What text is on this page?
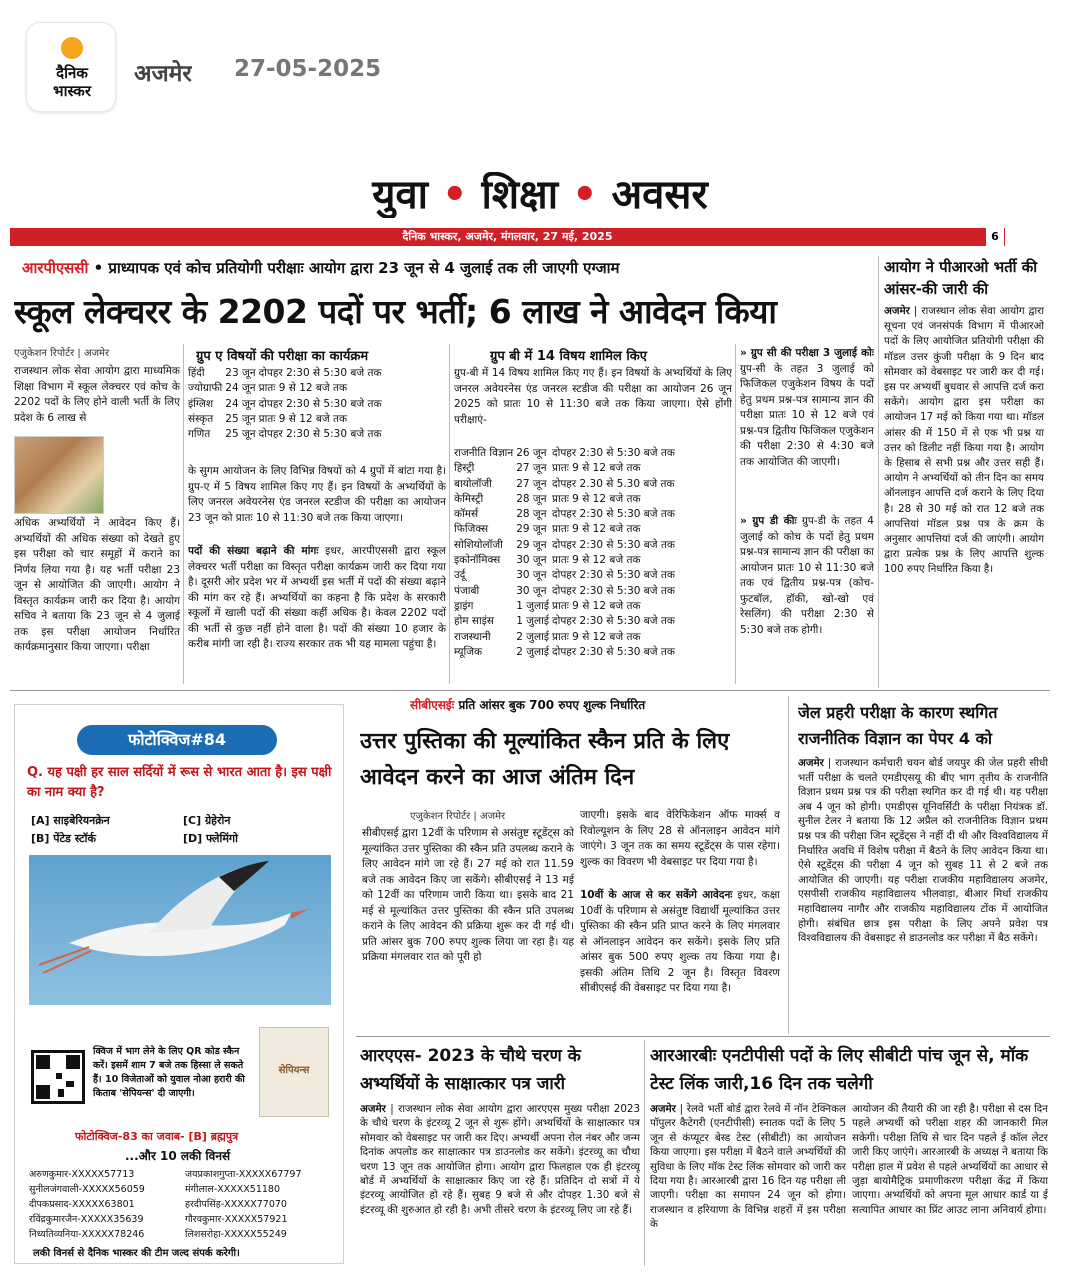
दैनिक
भास्कर
अजमेर 27-05-2025
युवा • शिक्षा • अवसर
दैनिक भास्कर, अजमेर, मंगलवार, 27 मई, 2025	6
आरपीएससी • प्राध्यापक एवं कोच प्रतियोगी परीक्षाः आयोग द्वारा 23 जून से 4 जुलाई तक ली जाएगी एग्जाम
स्कूल लेक्चरर के 2202 पदों पर भर्ती; 6 लाख ने आवेदन किया
एजुकेशन रिपोर्टर | अजमेर
राजस्थान लोक सेवा आयोग द्वारा माध्यमिक शिक्षा विभाग में स्कूल लेक्चरर एवं कोच के 2202 पदों के लिए होने वाली भर्ती के लिए प्रदेश के 6 लाख से
अधिक अभ्यर्थियों ने आवेदन किए हैं। अभ्यर्थियों की अधिक संख्या को देखते हुए इस परीक्षा को चार समूहों में कराने का निर्णय लिया गया है। यह भर्ती परीक्षा 23 जून से आयोजित की जाएगी। आयोग ने विस्तृत कार्यक्रम जारी कर दिया है। आयोग सचिव ने बताया कि 23 जून से 4 जुलाई तक इस परीक्षा आयोजन निर्धारित कार्यक्रमानुसार किया जाएगा। परीक्षा
ग्रुप ए विषयों की परीक्षा का कार्यक्रम
हिंदी	23 जून	दोपहर 2:30 से 5:30 बजे तक
ज्योग्राफी	24 जून	प्रातः 9 से 12 बजे तक
इंग्लिश	24 जून	दोपहर 2:30 से 5:30 बजे तक
संस्कृत	25 जून	प्रातः 9 से 12 बजे तक
गणित	25 जून	दोपहर 2:30 से 5:30 बजे तक
के सुगम आयोजन के लिए विभिन्न विषयों को 4 ग्रुपों में बांटा गया है। ग्रुप-ए में 5 विषय शामिल किए गए हैं। इन विषयों के अभ्यर्थियों के लिए जनरल अवेयरनेस एंड जनरल स्टडीज की परीक्षा का आयोजन 23 जून को प्रातः 10 से 11:30 बजे तक किया जाएगा।
पदों की संख्या बढ़ाने की मांगः इधर, आरपीएससी द्वारा स्कूल लेक्चरर भर्ती परीक्षा का विस्तृत परीक्षा कार्यक्रम जारी कर दिया गया है। दूसरी ओर प्रदेश भर में अभ्यर्थी इस भर्ती में पदों की संख्या बढ़ाने की मांग कर रहे हैं। अभ्यर्थियों का कहना है कि प्रदेश के सरकारी स्कूलों में खाली पदों की संख्या कहीं अधिक है। केवल 2202 पदों की भर्ती से कुछ नहीं होने वाला है। पदों की संख्या 10 हजार के करीब मांगी जा रही है। राज्य सरकार तक भी यह मामला पहुंचा है।
ग्रुप बी में 14 विषय शामिल किए
ग्रुप-बी में 14 विषय शामिल किए गए हैं। इन विषयों के अभ्यर्थियों के लिए जनरल अवेयरनेस एंड जनरल स्टडीज की परीक्षा का आयोजन 26 जून 2025 को प्रातः 10 से 11:30 बजे तक किया जाएगा। ऐसे होंगी परीक्षाएं-
राजनीति विज्ञान	26 जून	दोपहर 2:30 से 5:30 बजे तक
हिस्ट्री	27 जून	प्रातः 9 से 12 बजे तक
बायोलॉजी	27 जून	दोपहर 2.30 से 5.30 बजे तक
केमिस्ट्री	28 जून	प्रातः 9 से 12 बजे तक
कॉमर्स	28 जून	दोपहर 2:30 से 5:30 बजे तक
फिजिक्स	29 जून	प्रातः 9 से 12 बजे तक
सोशियोलॉजी	29 जून	दोपहर 2:30 से 5:30 बजे तक
इकोनॉमिक्स	30 जून	प्रातः 9 से 12 बजे तक
उर्दू	30 जून	दोपहर 2:30 से 5:30 बजे तक
पंजाबी	30 जून	दोपहर 2:30 से 5:30 बजे तक
ड्राइंग	1 जुलाई	प्रातः 9 से 12 बजे तक
होम साइंस	1 जुलाई	दोपहर 2:30 से 5:30 बजे तक
राजस्थानी	2 जुलाई	प्रातः 9 से 12 बजे तक
म्यूजिक	2 जुलाई	दोपहर 2:30 से 5:30 बजे तक
» ग्रुप सी की परीक्षा 3 जुलाई कोः ग्रुप-सी के तहत 3 जुलाई को फिजिकल एजुकेशन विषय के पदों हेतु प्रथम प्रश्न-पत्र सामान्य ज्ञान की परीक्षा प्रातः 10 से 12 बजे एवं प्रश्न-पत्र द्वितीय फिजिकल एजुकेशन की परीक्षा 2:30 से 4:30 बजे तक आयोजित की जाएगी।
» ग्रुप डी कीः ग्रुप-डी के तहत 4 जुलाई को कोच के पदों हेतु प्रथम प्रश्न-पत्र सामान्य ज्ञान की परीक्षा का आयोजन प्रातः 10 से 11:30 बजे तक एवं द्वितीय प्रश्न-पत्र (कोच- फुटबॉल, हॉकी, खो-खो एवं रेसलिंग) की परीक्षा 2:30 से 5:30 बजे तक होगी।
आयोग ने पीआरओ भर्ती की आंसर-की जारी की
अजमेर | राजस्थान लोक सेवा आयोग द्वारा सूचना एवं जनसंपर्क विभाग में पीआरओ पदों के लिए आयोजित प्रतियोगी परीक्षा की मॉडल उत्तर कुंजी परीक्षा के 9 दिन बाद सोमवार को वेबसाइट पर जारी कर दी गई। इस पर अभ्यर्थी बुधवार से आपत्ति दर्ज करा सकेंगे। आयोग द्वारा इस परीक्षा का आयोजन 17 मई को किया गया था। मॉडल आंसर की में 150 में से एक भी प्रश्न या उत्तर को डिलीट नहीं किया गया है। आयोग के हिसाब से सभी प्रश्न और उत्तर सही हैं। आयोग ने अभ्यर्थियों को तीन दिन का समय ऑनलाइन आपत्ति दर्ज कराने के लिए दिया है। 28 से 30 मई को रात 12 बजे तक आपत्तियां मॉडल प्रश्न पत्र के क्रम के अनुसार आपत्तियां दर्ज की जाएंगी। आयोग द्वारा प्रत्येक प्रश्न के लिए आपत्ति शुल्क 100 रुपए निर्धारित किया है।
फोटोक्विज#84
Q. यह पक्षी हर साल सर्दियों में रूस से भारत आता है। इस पक्षी का नाम क्या है?
[A] साइबेरियनक्रेन	[C] ग्रेहेरोन
[B] पेंटेड स्टॉर्क	[D] फ्लेमिंगो
क्विज में भाग लेने के लिए QR कोड स्कैन करें। इसमें शाम 7 बजे तक हिस्सा ले सकते हैं। 10 विजेताओं को युवाल नोआ हरारी की किताब 'सेपियन्स' दी जाएगी।
सेपियन्स
फोटोक्विज-83 का जवाब- [B] ब्रह्मपुत्र
...और 10 लकी विनर्स
अरुणकुमार-XXXXX57713	जयप्रकाशगुप्ता-XXXXX67797
सुनीलजंगवाली-XXXXX56059	मंगीलाल-XXXXX51180
दीपकप्रसाद-XXXXX63801	हरदीपसिंह-XXXXX77070
रविंद्रकुमारजैन-XXXXX35639	गौरवकुमार-XXXXX57921
निध्यतिव्यनिया-XXXXX78246	लिशसरोहा-XXXXX55249
लकी विनर्स से दैनिक भास्कर की टीम जल्द संपर्क करेगी।
सीबीएसईः प्रति आंसर बुक 700 रुपए शुल्क निर्धारित
उत्तर पुस्तिका की मूल्यांकित स्कैन प्रति के लिए आवेदन करने का आज अंतिम दिन
एजुकेशन रिपोर्टर | अजमेर
सीबीएसई द्वारा 12वीं के परिणाम से असंतुष्ट स्टूडेंट्स को मूल्यांकित उत्तर पुस्तिका की स्कैन प्रति उपलब्ध कराने के लिए आवेदन मांगे जा रहे हैं। 27 मई को रात 11.59 बजे तक आवेदन किए जा सकेंगे। सीबीएसई ने 13 मई को 12वीं का परिणाम जारी किया था। इसके बाद 21 मई से मूल्यांकित उत्तर पुस्तिका की स्कैन प्रति उपलब्ध कराने के लिए आवेदन की प्रक्रिया शुरू कर दी गई थी। प्रति आंसर बुक 700 रुपए शुल्क लिया जा रहा है। यह प्रक्रिया मंगलवार रात को पूरी हो
जाएगी। इसके बाद वेरिफिकेशन ऑफ मार्क्स व रिवोल्यूशन के लिए 28 से ऑनलाइन आवेदन मांगे जाएंगे। 3 जून तक का समय स्टूडेंट्स के पास रहेगा। शुल्क का विवरण भी वेबसाइट पर दिया गया है।
10वीं के आज से कर सकेंगे आवेदनः इधर, कक्षा 10वीं के परिणाम से असंतुष्ट विद्यार्थी मूल्यांकित उत्तर पुस्तिका की स्कैन प्रति प्राप्त करने के लिए मंगलवार से ऑनलाइन आवेदन कर सकेंगे। इसके लिए प्रति आंसर बुक 500 रुपए शुल्क तय किया गया है। इसकी अंतिम तिथि 2 जून है। विस्तृत विवरण सीबीएसई की वेबसाइट पर दिया गया है।
जेल प्रहरी परीक्षा के कारण स्थगित राजनीतिक विज्ञान का पेपर 4 को
अजमेर | राजस्थान कर्मचारी चयन बोर्ड जयपुर की जेल प्रहरी सीधी भर्ती परीक्षा के चलते एमडीएसयू की बीए भाग तृतीय के राजनीति विज्ञान प्रथम प्रश्न पत्र की परीक्षा स्थगित कर दी गई थी। यह परीक्षा अब 4 जून को होगी। एमडीएस यूनिवर्सिटी के परीक्षा नियंत्रक डॉ. सुनील टेलर ने बताया कि 12 अप्रैल को राजनीतिक विज्ञान प्रथम प्रश्न पत्र की परीक्षा जिन स्टूडेंट्स ने नहीं दी थी और विश्वविद्यालय में निर्धारित अवधि में विशेष परीक्षा में बैठने के लिए आवेदन किया था। ऐसे स्टूडेंट्स की परीक्षा 4 जून को सुबह 11 से 2 बजे तक आयोजित की जाएगी। यह परीक्षा राजकीय महाविद्यालय अजमेर, एसपीसी राजकीय महाविद्यालय भीलवाड़ा, बीआर मिर्धा राजकीय महाविद्यालय नागौर और राजकीय महाविद्यालय टोंक में आयोजित होगी। संबंधित छात्र इस परीक्षा के लिए अपने प्रवेश पत्र विश्वविद्यालय की वेबसाइट से डाउनलोड कर परीक्षा में बैठ सकेंगे।
आरएएस- 2023 के चौथे चरण के अभ्यर्थियों के साक्षात्कार पत्र जारी
अजमेर | राजस्थान लोक सेवा आयोग द्वारा आरएएस मुख्य परीक्षा 2023 के चौथे चरण के इंटरव्यू 2 जून से शुरू होंगे। अभ्यर्थियों के साक्षात्कार पत्र सोमवार को वेबसाइट पर जारी कर दिए। अभ्यर्थी अपना रोल नंबर और जन्म दिनांक अपलोड कर साक्षात्कार पत्र डाउनलोड कर सकेंगे। इंटरव्यू का चौथा चरण 13 जून तक आयोजित होगा। आयोग द्वारा फिलहाल एक ही इंटरव्यू बोर्ड में अभ्यर्थियों के साक्षात्कार किए जा रहे हैं। प्रतिदिन दो सत्रों में ये इंटरव्यू आयोजित हो रहे हैं। सुबह 9 बजे से और दोपहर 1.30 बजे से इंटरव्यू की शुरुआत हो रही है। अभी तीसरे चरण के इंटरव्यू लिए जा रहे हैं।
आरआरबीः एनटीपीसी पदों के लिए सीबीटी पांच जून से, मॉक टेस्ट लिंक जारी,16 दिन तक चलेगी
अजमेर | रेलवे भर्ती बोर्ड द्वारा रेलवे में नॉन टेक्निकल पॉपुलर कैटेगरी (एनटीपीसी) स्नातक पदों के लिए 5 जून से कंप्यूटर बेस्ड टेस्ट (सीबीटी) का आयोजन किया जाएगा। इस परीक्षा में बैठने वाले अभ्यर्थियों की सुविधा के लिए मॉक टेस्ट लिंक सोमवार को जारी कर दिया गया है। आरआरबी द्वारा 16 दिन यह परीक्षा ली जाएगी। परीक्षा का समापन 24 जून को होगा। राजस्थान व हरियाणा के विभिन्न शहरों में इस परीक्षा के
आयोजन की तैयारी की जा रही है। परीक्षा से दस दिन पहले अभ्यर्थी को परीक्षा शहर की जानकारी मिल सकेगी। परीक्षा तिथि से चार दिन पहले ई कॉल लेटर जारी किए जाएंगे। आरआरबी के अध्यक्ष ने बताया कि परीक्षा हाल में प्रवेश से पहले अभ्यर्थियों का आधार से जुड़ा बायोमैट्रिक प्रमाणीकरण परीक्षा केंद्र में किया जाएगा। अभ्यर्थियों को अपना मूल आधार कार्ड या ई सत्यापित आधार का प्रिंट आउट लाना अनिवार्य होगा।
